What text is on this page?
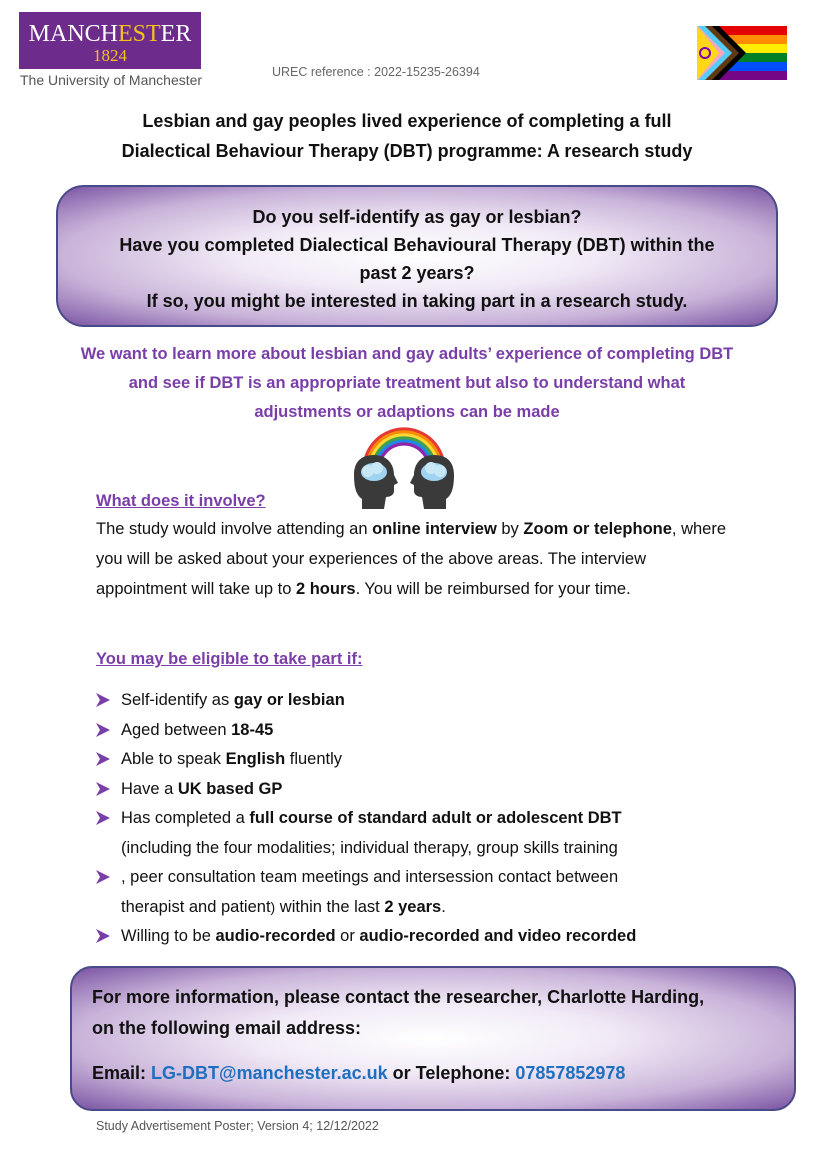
MANCHESTER
1824
The University of Manchester	UREC reference : 2022-15235-26394
Lesbian and gay peoples lived experience of completing a full
Dialectical Behaviour Therapy (DBT) programme: A research study
Do you self-identify as gay or lesbian?
Have you completed Dialectical Behavioural Therapy (DBT) within the
past 2 years?
If so, you might be interested in taking part in a research study.
We want to learn more about lesbian and gay adults’ experience of completing DBT
and see if DBT is an appropriate treatment but also to understand what
adjustments or adaptions can be made
What does it involve?
The study would involve attending an online interview by Zoom or telephone, where you will be asked about your experiences of the above areas. The interview appointment will take up to 2 hours. You will be reimbursed for your time.
You may be eligible to take part if:
Self-identify as gay or lesbian
Aged between 18-45
Able to speak English fluently
Have a UK based GP
Has completed a full course of standard adult or adolescent DBT
(including the four modalities; individual therapy, group skills training
, peer consultation team meetings and intersession contact between
therapist and patient) within the last 2 years.
Willing to be audio-recorded or audio-recorded and video recorded
For more information, please contact the researcher, Charlotte Harding,
on the following email address:
Email: LG-DBT@manchester.ac.uk or Telephone: 07857852978
Study Advertisement Poster; Version 4; 12/12/2022
